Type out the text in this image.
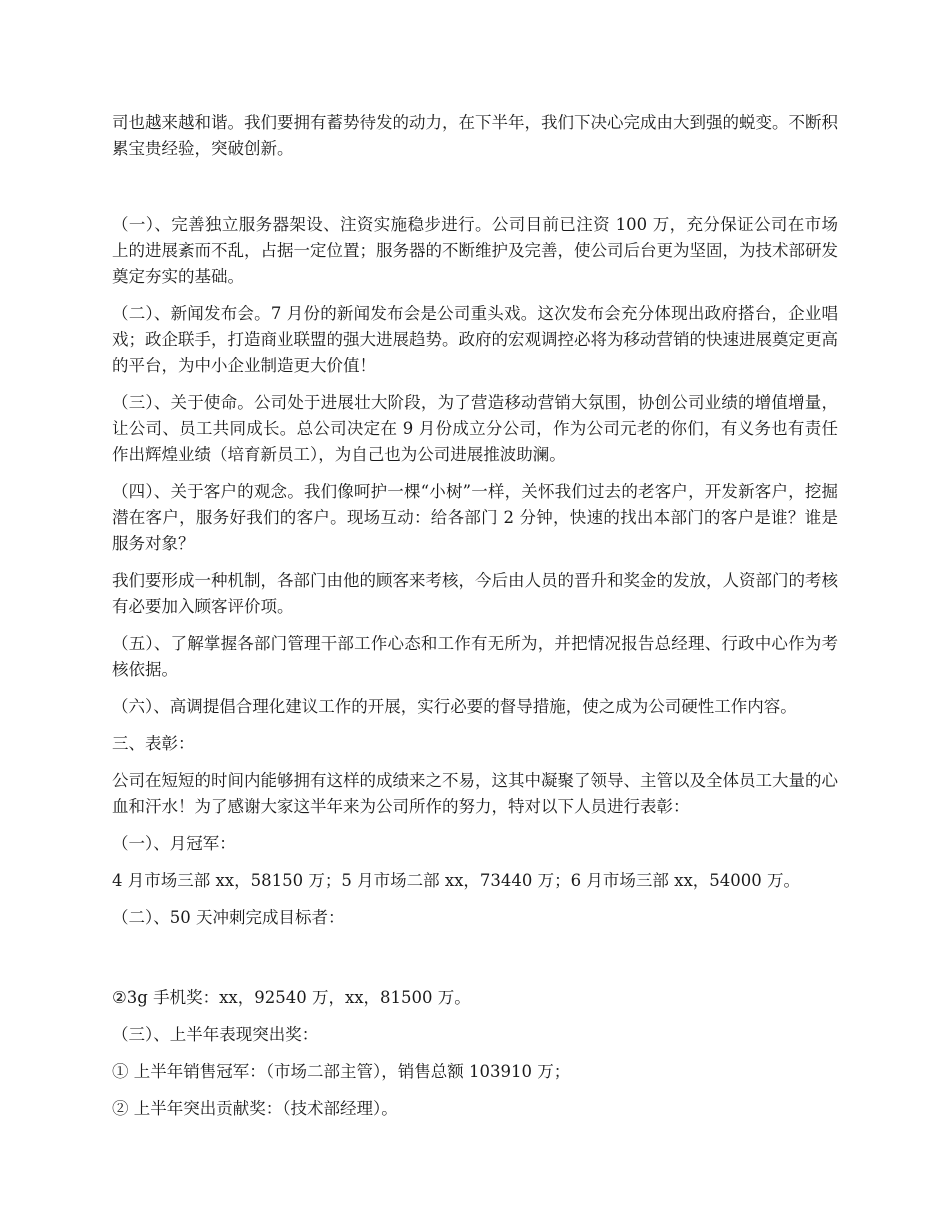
司也越来越和谐。我们要拥有蓄势待发的动力，在下半年，我们下决心完成由大到强的蜕变。不断积累宝贵经验，突破创新。

（一）、完善独立服务器架设、注资实施稳步进行。公司目前已注资 100 万，充分保证公司在市场上的进展紊而不乱，占据一定位置；服务器的不断维护及完善，使公司后台更为坚固，为技术部研发奠定夯实的基础。

（二）、新闻发布会。7 月份的新闻发布会是公司重头戏。这次发布会充分体现出政府搭台，企业唱戏；政企联手，打造商业联盟的强大进展趋势。政府的宏观调控必将为移动营销的快速进展奠定更高的平台，为中小企业制造更大价值！

（三）、关于使命。公司处于进展壮大阶段，为了营造移动营销大氛围，协创公司业绩的增值增量，让公司、员工共同成长。总公司决定在 9 月份成立分公司，作为公司元老的你们，有义务也有责任作出辉煌业绩（培育新员工），为自己也为公司进展推波助澜。

（四）、关于客户的观念。我们像呵护一棵“小树”一样，关怀我们过去的老客户，开发新客户，挖掘潜在客户，服务好我们的客户。现场互动：给各部门 2 分钟，快速的找出本部门的客户是谁？谁是服务对象？

我们要形成一种机制，各部门由他的顾客来考核，今后由人员的晋升和奖金的发放，人资部门的考核有必要加入顾客评价项。

（五）、了解掌握各部门管理干部工作心态和工作有无所为，并把情况报告总经理、行政中心作为考核依据。

（六）、高调提倡合理化建议工作的开展，实行必要的督导措施，使之成为公司硬性工作内容。

三、表彰：

公司在短短的时间内能够拥有这样的成绩来之不易，这其中凝聚了领导、主管以及全体员工大量的心血和汗水！为了感谢大家这半年来为公司所作的努力，特对以下人员进行表彰：

（一）、月冠军：

4 月市场三部 xx，58150 万；5 月市场二部 xx，73440 万；6 月市场三部 xx，54000 万。

（二）、50 天冲刺完成目标者：

②3g 手机奖：xx，92540 万，xx，81500 万。

（三）、上半年表现突出奖：

① 上半年销售冠军：（市场二部主管），销售总额 103910 万；

② 上半年突出贡献奖：（技术部经理）。
